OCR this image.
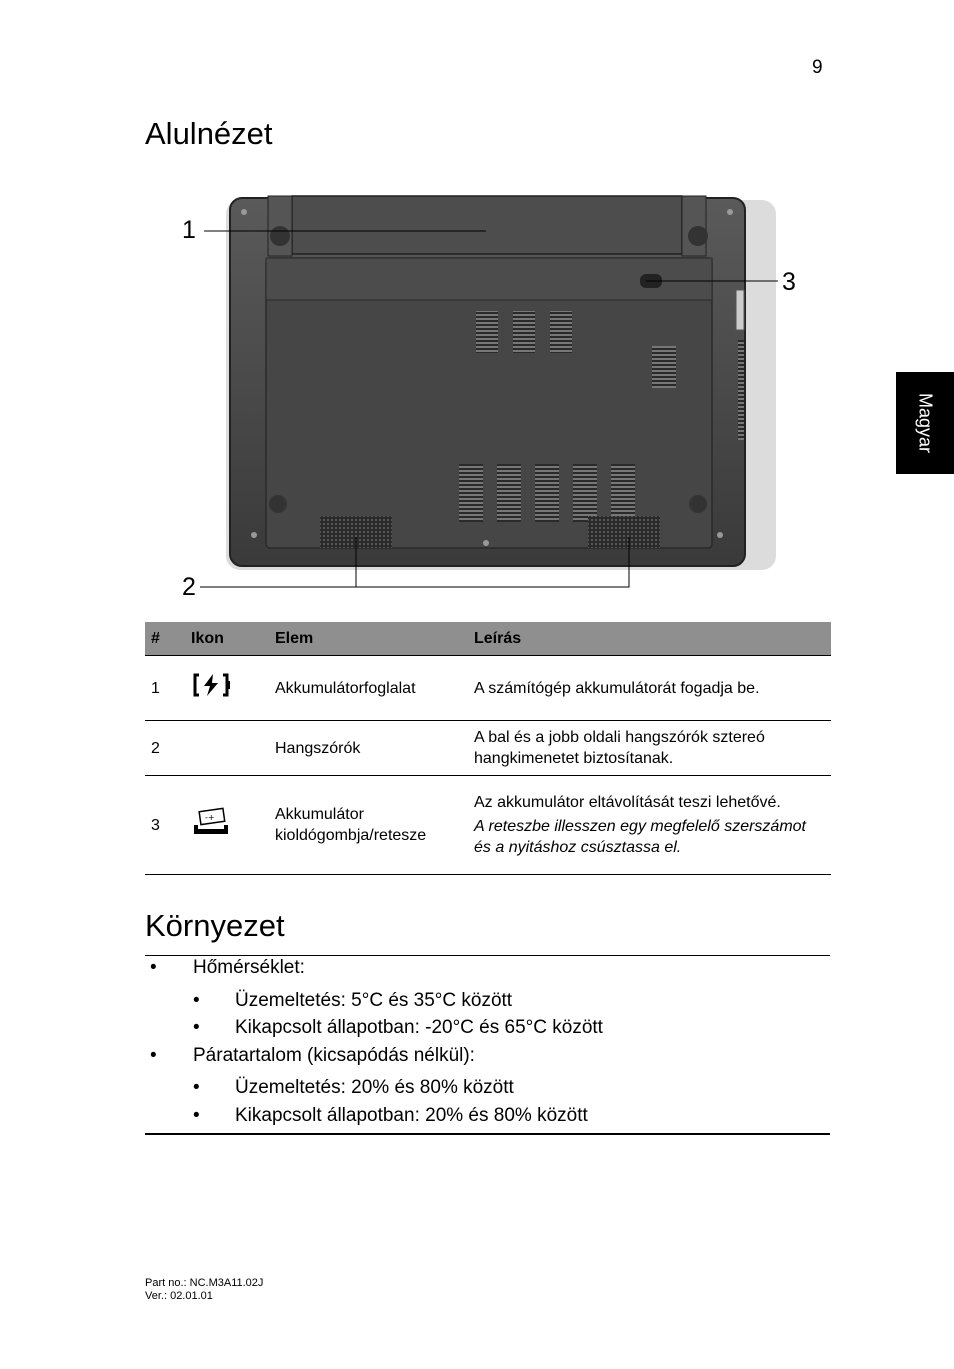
9
Magyar
Alulnézet
1
2
3
#	Ikon	Elem	Leírás
1		Akkumulátorfoglalat	A számítógép akkumulátorát fogadja be.
2		Hangszórók	A bal és a jobb oldali hangszórók sztereó hangkimenetet biztosítanak.
3	-+	Akkumulátor kioldógombja/retesze	Az akkumulátor eltávolítását teszi lehetővé.
A reteszbe illesszen egy megfelelő szerszámot és a nyitáshoz csúsztassa el.
Környezet
• Hőmérséklet:
• Üzemeltetés: 5°C és 35°C között
• Kikapcsolt állapotban: -20°C és 65°C között
• Páratartalom (kicsapódás nélkül):
• Üzemeltetés: 20% és 80% között
• Kikapcsolt állapotban: 20% és 80% között
Part no.: NC.M3A11.02J
Ver.: 02.01.01
